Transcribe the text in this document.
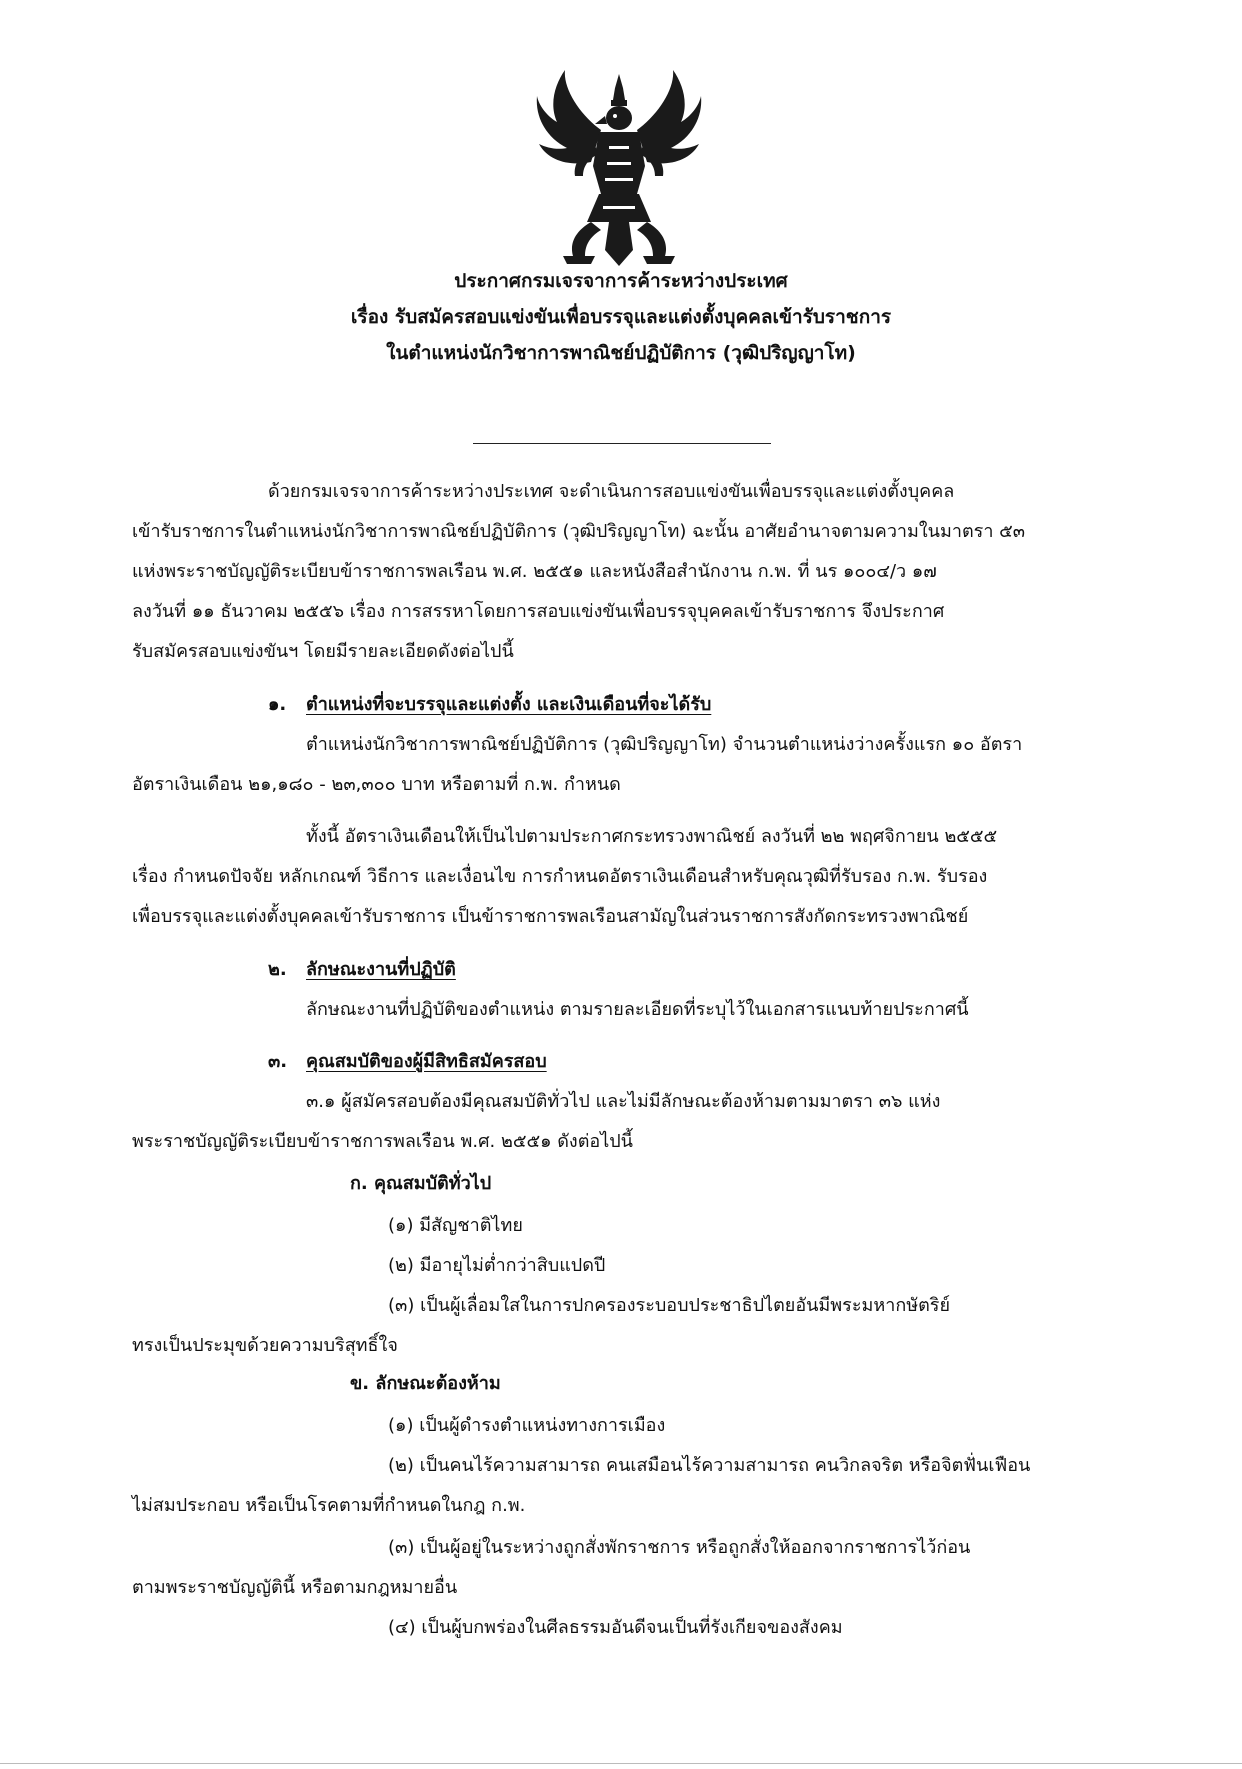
ประกาศกรมเจรจาการค้าระหว่างประเทศ
เรื่อง รับสมัครสอบแข่งขันเพื่อบรรจุและแต่งตั้งบุคคลเข้ารับราชการ
ในตำแหน่งนักวิชาการพาณิชย์ปฏิบัติการ (วุฒิปริญญาโท)
ด้วยกรมเจรจาการค้าระหว่างประเทศ จะดำเนินการสอบแข่งขันเพื่อบรรจุและแต่งตั้งบุคคล
เข้ารับราชการในตำแหน่งนักวิชาการพาณิชย์ปฏิบัติการ (วุฒิปริญญาโท) ฉะนั้น อาศัยอำนาจตามความในมาตรา ๕๓
แห่งพระราชบัญญัติระเบียบข้าราชการพลเรือน พ.ศ. ๒๕๕๑ และหนังสือสำนักงาน ก.พ. ที่ นร ๑๐๐๔/ว ๑๗
ลงวันที่ ๑๑ ธันวาคม ๒๕๕๖ เรื่อง การสรรหาโดยการสอบแข่งขันเพื่อบรรจุบุคคลเข้ารับราชการ จึงประกาศ
รับสมัครสอบแข่งขันฯ โดยมีรายละเอียดดังต่อไปนี้
๑. ตำแหน่งที่จะบรรจุและแต่งตั้ง และเงินเดือนที่จะได้รับ
ตำแหน่งนักวิชาการพาณิชย์ปฏิบัติการ (วุฒิปริญญาโท) จำนวนตำแหน่งว่างครั้งแรก ๑๐ อัตรา
อัตราเงินเดือน ๒๑,๑๘๐ - ๒๓,๓๐๐ บาท หรือตามที่ ก.พ. กำหนด
ทั้งนี้ อัตราเงินเดือนให้เป็นไปตามประกาศกระทรวงพาณิชย์ ลงวันที่ ๒๒ พฤศจิกายน ๒๕๕๕
เรื่อง กำหนดปัจจัย หลักเกณฑ์ วิธีการ และเงื่อนไข การกำหนดอัตราเงินเดือนสำหรับคุณวุฒิที่รับรอง ก.พ. รับรอง
เพื่อบรรจุและแต่งตั้งบุคคลเข้ารับราชการ เป็นข้าราชการพลเรือนสามัญในส่วนราชการสังกัดกระทรวงพาณิชย์
๒. ลักษณะงานที่ปฏิบัติ
ลักษณะงานที่ปฏิบัติของตำแหน่ง ตามรายละเอียดที่ระบุไว้ในเอกสารแนบท้ายประกาศนี้
๓. คุณสมบัติของผู้มีสิทธิสมัครสอบ
๓.๑ ผู้สมัครสอบต้องมีคุณสมบัติทั่วไป และไม่มีลักษณะต้องห้ามตามมาตรา ๓๖ แห่ง
พระราชบัญญัติระเบียบข้าราชการพลเรือน พ.ศ. ๒๕๕๑ ดังต่อไปนี้
ก. คุณสมบัติทั่วไป
(๑) มีสัญชาติไทย
(๒) มีอายุไม่ต่ำกว่าสิบแปดปี
(๓) เป็นผู้เลื่อมใสในการปกครองระบอบประชาธิปไตยอันมีพระมหากษัตริย์
ทรงเป็นประมุขด้วยความบริสุทธิ์ใจ
ข. ลักษณะต้องห้าม
(๑) เป็นผู้ดำรงตำแหน่งทางการเมือง
(๒) เป็นคนไร้ความสามารถ คนเสมือนไร้ความสามารถ คนวิกลจริต หรือจิตฟั่นเฟือน
ไม่สมประกอบ หรือเป็นโรคตามที่กำหนดในกฎ ก.พ.
(๓) เป็นผู้อยู่ในระหว่างถูกสั่งพักราชการ หรือถูกสั่งให้ออกจากราชการไว้ก่อน
ตามพระราชบัญญัตินี้ หรือตามกฎหมายอื่น
(๔) เป็นผู้บกพร่องในศีลธรรมอันดีจนเป็นที่รังเกียจของสังคม
